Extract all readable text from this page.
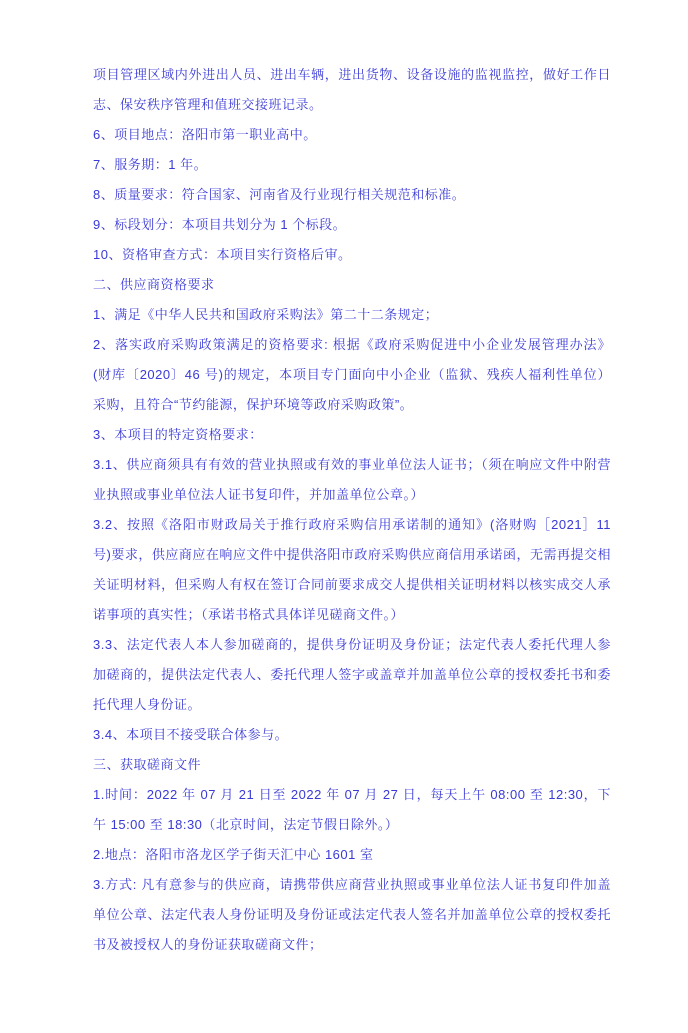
项目管理区域内外进出人员、进出车辆，进出货物、设备设施的监视监控，做好工作日志、保安秩序管理和值班交接班记录。

6、项目地点：洛阳市第一职业高中。

7、服务期：1 年。

8、质量要求：符合国家、河南省及行业现行相关规范和标准。

9、标段划分：本项目共划分为 1 个标段。

10、资格审查方式：本项目实行资格后审。

二、供应商资格要求

1、满足《中华人民共和国政府采购法》第二十二条规定；

2、落实政府采购政策满足的资格要求: 根据《政府采购促进中小企业发展管理办法》(财库〔2020〕46 号)的规定，本项目专门面向中小企业（监狱、残疾人福利性单位）采购，且符合“节约能源，保护环境等政府采购政策”。

3、本项目的特定资格要求：

3.1、供应商须具有有效的营业执照或有效的事业单位法人证书；（须在响应文件中附营业执照或事业单位法人证书复印件，并加盖单位公章。）

3.2、按照《洛阳市财政局关于推行政府采购信用承诺制的通知》(洛财购［2021］11 号)要求，供应商应在响应文件中提供洛阳市政府采购供应商信用承诺函，无需再提交相关证明材料，但采购人有权在签订合同前要求成交人提供相关证明材料以核实成交人承诺事项的真实性；（承诺书格式具体详见磋商文件。）

3.3、法定代表人本人参加磋商的，提供身份证明及身份证；法定代表人委托代理人参加磋商的，提供法定代表人、委托代理人签字或盖章并加盖单位公章的授权委托书和委托代理人身份证。

3.4、本项目不接受联合体参与。

三、获取磋商文件

1.时间：2022 年 07 月 21 日至 2022 年 07 月 27 日，每天上午 08:00 至 12:30，下午 15:00 至 18:30（北京时间，法定节假日除外。）

2.地点：洛阳市洛龙区学子街天汇中心 1601 室

3.方式: 凡有意参与的供应商，请携带供应商营业执照或事业单位法人证书复印件加盖单位公章、法定代表人身份证明及身份证或法定代表人签名并加盖单位公章的授权委托书及被授权人的身份证获取磋商文件；
